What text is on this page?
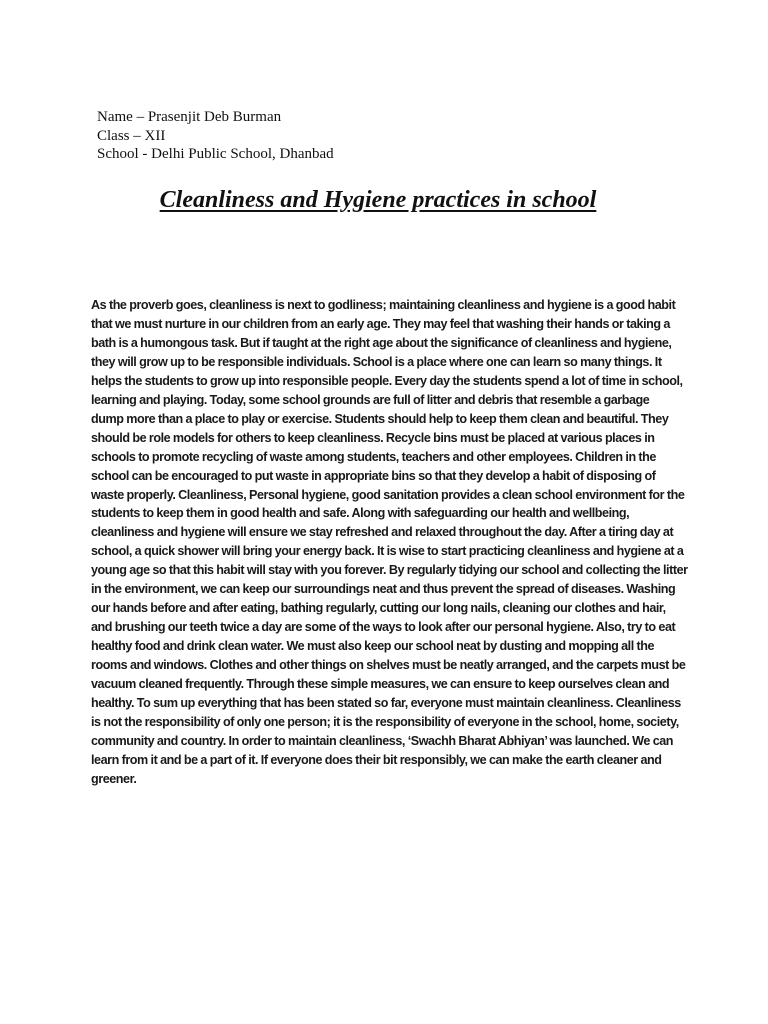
Name – Prasenjit Deb Burman
Class – XII
School - Delhi Public School, Dhanbad
Cleanliness and Hygiene practices in school

As the proverb goes, cleanliness is next to godliness; maintaining cleanliness and hygiene is a good habit
that we must nurture in our children from an early age. They may feel that washing their hands or taking a
bath is a humongous task. But if taught at the right age about the significance of cleanliness and hygiene,
they will grow up to be responsible individuals. School is a place where one can learn so many things. It
helps the students to grow up into responsible people. Every day the students spend a lot of time in school,
learning and playing. Today, some school grounds are full of litter and debris that resemble a garbage
dump more than a place to play or exercise. Students should help to keep them clean and beautiful. They
should be role models for others to keep cleanliness. Recycle bins must be placed at various places in
schools to promote recycling of waste among students, teachers and other employees. Children in the
school can be encouraged to put waste in appropriate bins so that they develop a habit of disposing of
waste properly. Cleanliness, Personal hygiene, good sanitation provides a clean school environment for the
students to keep them in good health and safe. Along with safeguarding our health and wellbeing,
cleanliness and hygiene will ensure we stay refreshed and relaxed throughout the day. After a tiring day at
school, a quick shower will bring your energy back. It is wise to start practicing cleanliness and hygiene at a
young age so that this habit will stay with you forever. By regularly tidying our school and collecting the litter
in the environment, we can keep our surroundings neat and thus prevent the spread of diseases. Washing
our hands before and after eating, bathing regularly, cutting our long nails, cleaning our clothes and hair,
and brushing our teeth twice a day are some of the ways to look after our personal hygiene. Also, try to eat
healthy food and drink clean water. We must also keep our school neat by dusting and mopping all the
rooms and windows. Clothes and other things on shelves must be neatly arranged, and the carpets must be
vacuum cleaned frequently. Through these simple measures, we can ensure to keep ourselves clean and
healthy. To sum up everything that has been stated so far, everyone must maintain cleanliness. Cleanliness
is not the responsibility of only one person; it is the responsibility of everyone in the school, home, society,
community and country. In order to maintain cleanliness, ‘Swachh Bharat Abhiyan’ was launched. We can
learn from it and be a part of it. If everyone does their bit responsibly, we can make the earth cleaner and
greener.
